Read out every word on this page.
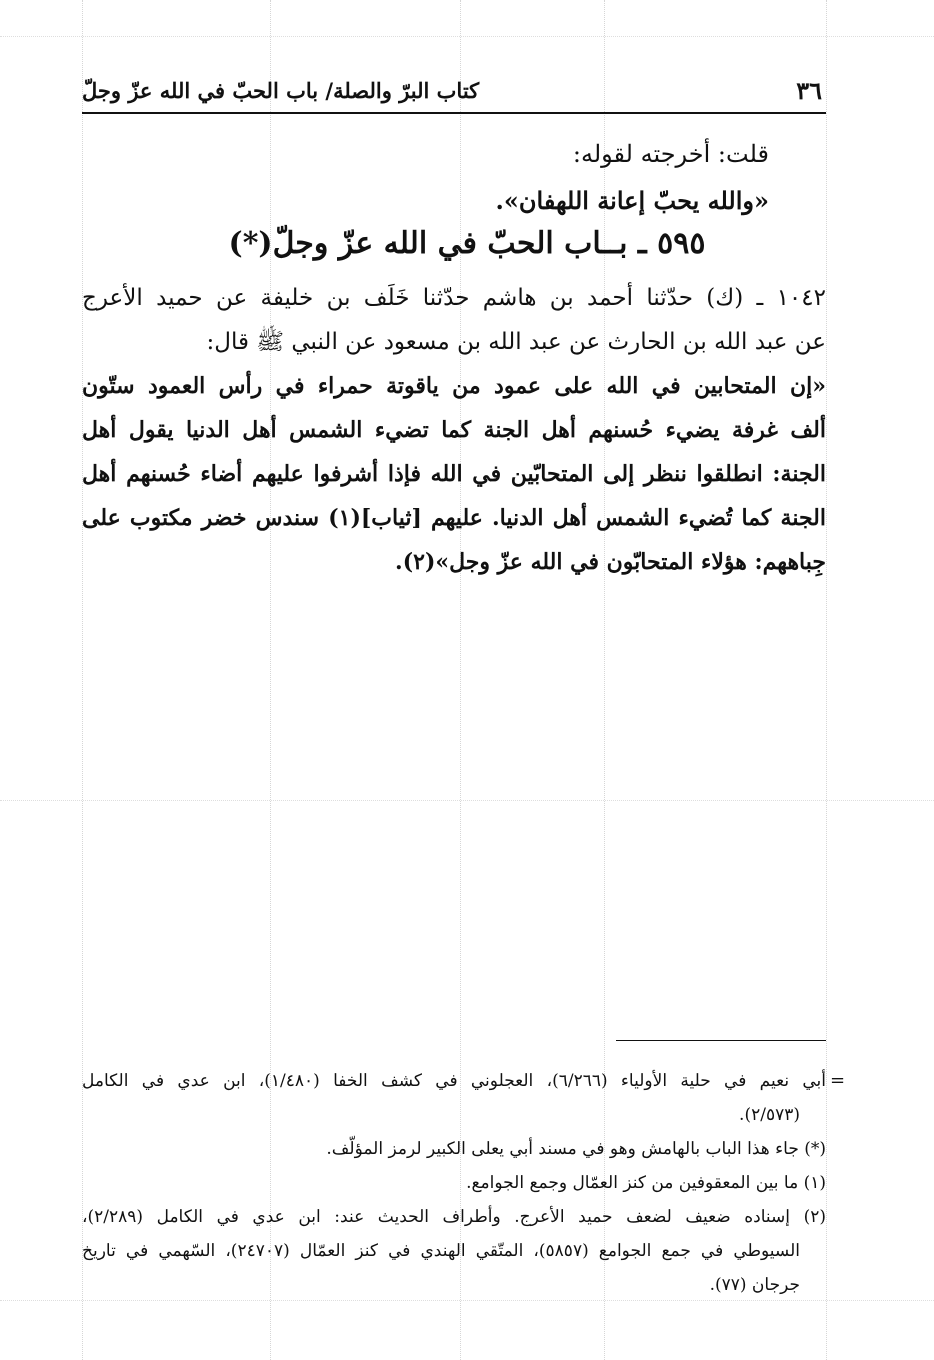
كتاب البرّ والصلة/ باب الحبّ في الله عزّ وجلّ	٣٦
قلت: أخرجته لقوله:
«والله يحبّ إعانة اللهفان».
٥٩٥ ـ بــاب الحبّ في الله عزّ وجلّ(*)
١٠٤٢ ـ (ك) حدّثنا أحمد بن هاشم حدّثنا خَلَف بن خليفة عن حميد الأعرج
عن عبد الله بن الحارث عن عبد الله بن مسعود عن النبي ﷺ قال:
«إن المتحابين في الله على عمود من ياقوتة حمراء في رأس العمود ستّون
ألف غرفة يضيء حُسنهم أهل الجنة كما تضيء الشمس أهل الدنيا يقول أهل
الجنة: انطلقوا ننظر إلى المتحابّين في الله فإذا أشرفوا عليهم أضاء حُسنهم أهل
الجنة كما تُضيء الشمس أهل الدنيا. عليهم [ثياب](١) سندس خضر مكتوب على
جِباههم: هؤلاء المتحابّون في الله عزّ وجل»(٢).
=
أبي نعيم في حلية الأولياء (٦/٢٦٦)، العجلوني في كشف الخفا (١/٤٨٠)، ابن عدي في الكامل
(٢/٥٧٣).
(*) جاء هذا الباب بالهامش وهو في مسند أبي يعلى الكبير لرمز المؤلّف.
(١) ما بين المعقوفين من كنز العمّال وجمع الجوامع.
(٢) إسناده ضعيف لضعف حميد الأعرج. وأطراف الحديث عند: ابن عدي في الكامل (٢/٢٨٩)،
السيوطي في جمع الجوامع (٥٨٥٧)، المتّقي الهندي في كنز العمّال (٢٤٧٠٧)، السّهمي في تاريخ
جرجان (٧٧).
